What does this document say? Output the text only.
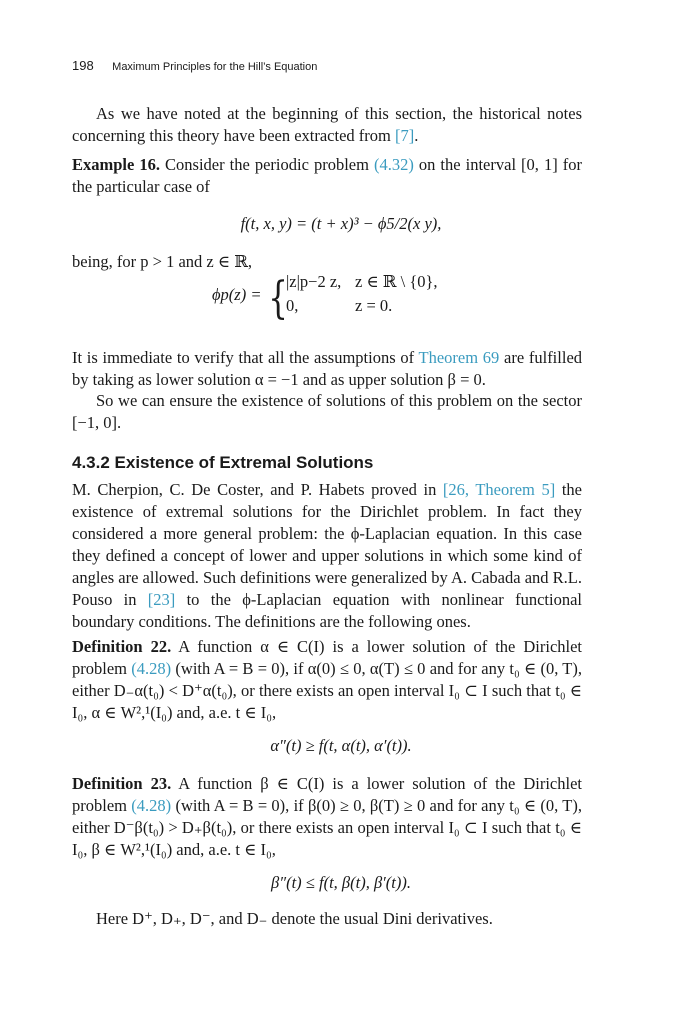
198 Maximum Principles for the Hill’s Equation
As we have noted at the beginning of this section, the historical notes concerning this theory have been extracted from [7].
Example 16. Consider the periodic problem (4.32) on the interval [0, 1] for the particular case of
f(t, x, y) = (t + x)³ − ϕ5/2(x y),
being, for p > 1 and z ∈ ℝ,
ϕp(z) = {
|z|p−2 z, z ∈ ℝ \ {0},
0,	z = 0.
It is immediate to verify that all the assumptions of Theorem 69 are fulfilled by taking as lower solution α = −1 and as upper solution β = 0.
So we can ensure the existence of solutions of this problem on the sector [−1, 0].
4.3.2 Existence of Extremal Solutions
M. Cherpion, C. De Coster, and P. Habets proved in [26, Theorem 5] the existence of extremal solutions for the Dirichlet problem. In fact they considered a more general problem: the ϕ-Laplacian equation. In this case they defined a concept of lower and upper solutions in which some kind of angles are allowed. Such definitions were generalized by A. Cabada and R.L. Pouso in [23] to the ϕ-Laplacian equation with nonlinear functional boundary conditions. The definitions are the following ones.
Definition 22. A function α ∈ C(I) is a lower solution of the Dirichlet problem (4.28) (with A = B = 0), if α(0) ≤ 0, α(T) ≤ 0 and for any t₀ ∈ (0, T), either D₋α(t₀) < D⁺α(t₀), or there exists an open interval I₀ ⊂ I such that t₀ ∈ I₀, α ∈ W²,¹(I₀) and, a.e. t ∈ I₀,
α″(t) ≥ f(t, α(t), α′(t)).
Definition 23. A function β ∈ C(I) is a lower solution of the Dirichlet problem (4.28) (with A = B = 0), if β(0) ≥ 0, β(T) ≥ 0 and for any t₀ ∈ (0, T), either D⁻β(t₀) > D₊β(t₀), or there exists an open interval I₀ ⊂ I such that t₀ ∈ I₀, β ∈ W²,¹(I₀) and, a.e. t ∈ I₀,
β″(t) ≤ f(t, β(t), β′(t)).
Here D⁺, D₊, D⁻, and D₋ denote the usual Dini derivatives.
